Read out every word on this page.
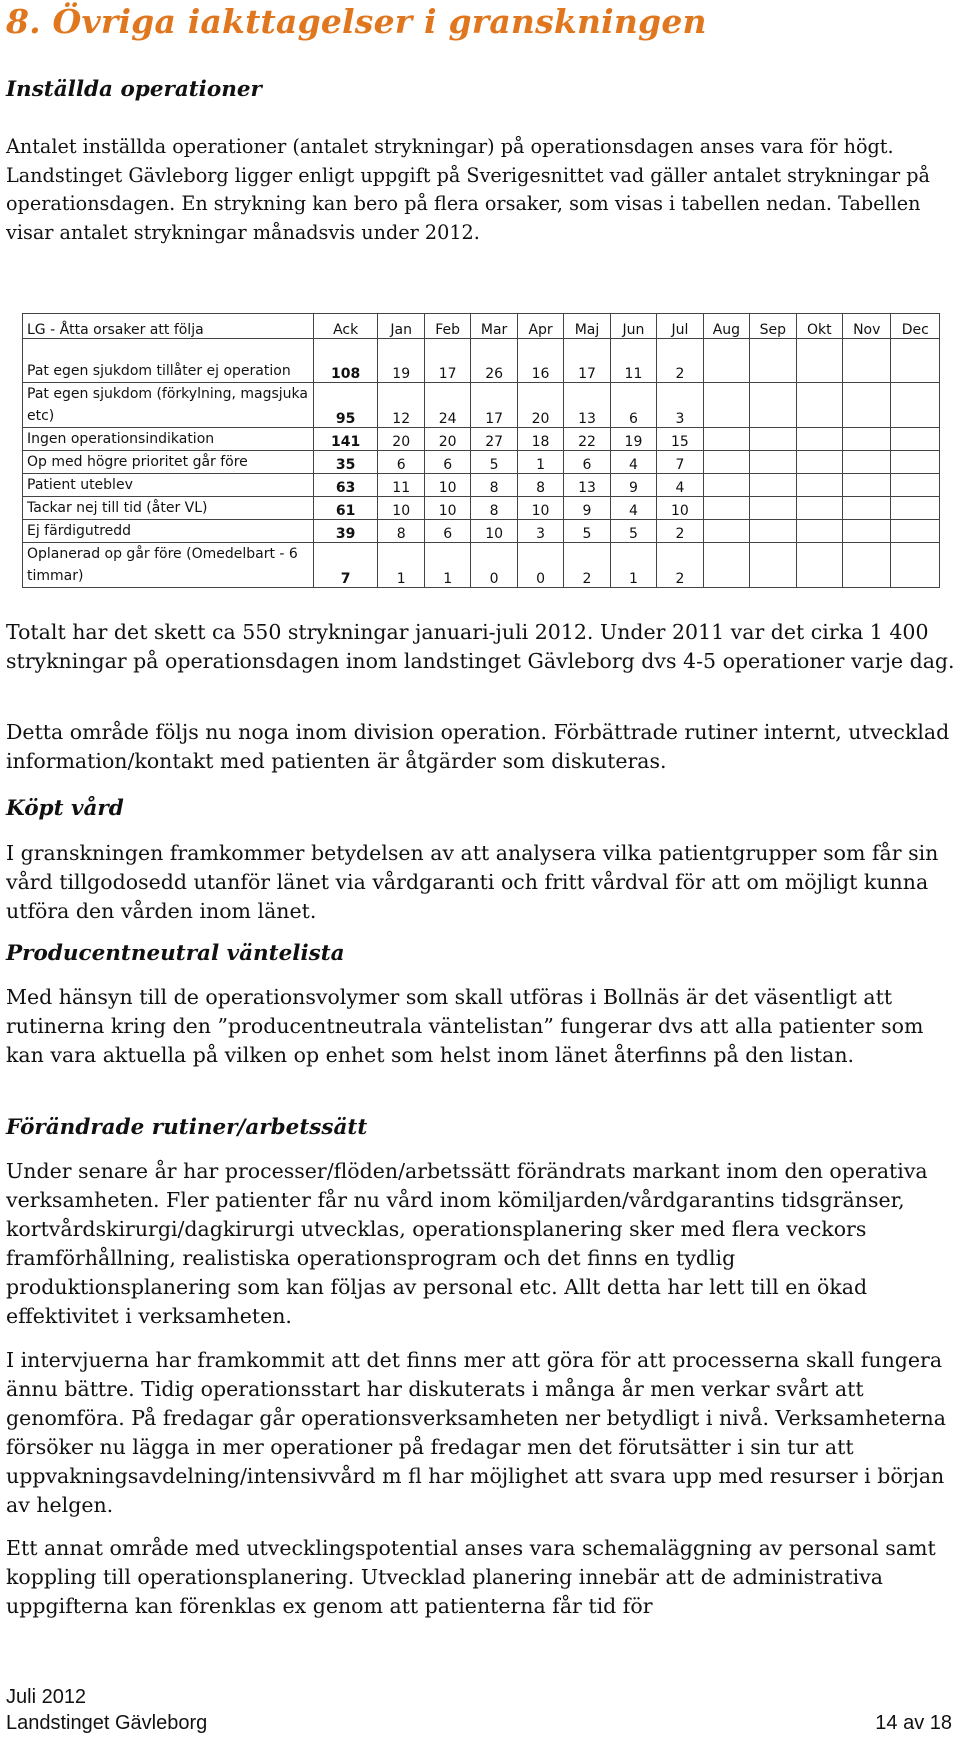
8. Övriga iakttagelser i granskningen
Inställda operationer

Antalet inställda operationer (antalet strykningar) på operationsdagen anses vara för högt. Landstinget Gävleborg ligger enligt uppgift på Sverigesnittet vad gäller antalet strykningar på operationsdagen. En strykning kan bero på flera orsaker, som visas i tabellen nedan. Tabellen visar antalet strykningar månadsvis under 2012.

LG - Åtta orsaker att följa	Ack	Jan	Feb	Mar	Apr	Maj	Jun	Jul	Aug	Sep	Okt	Nov	Dec
Pat egen sjukdom tillåter ej operation	108	19	17	26	16	17	11	2					
Pat egen sjukdom (förkylning, magsjuka etc)	95	12	24	17	20	13	6	3					
Ingen operationsindikation	141	20	20	27	18	22	19	15					
Op med högre prioritet går före	35	6	6	5	1	6	4	7					
Patient uteblev	63	11	10	8	8	13	9	4					
Tackar nej till tid (åter VL)	61	10	10	8	10	9	4	10					
Ej färdigutredd	39	8	6	10	3	5	5	2					
Oplanerad op går före (Omedelbart - 6 timmar)	7	1	1	0	0	2	1	2					

Totalt har det skett ca 550 strykningar januari-juli 2012. Under 2011 var det cirka 1 400 strykningar på operationsdagen inom landstinget Gävleborg dvs 4-5 operationer varje dag.

Detta område följs nu noga inom division operation. Förbättrade rutiner internt, utvecklad information/kontakt med patienten är åtgärder som diskuteras.

Köpt vård

I granskningen framkommer betydelsen av att analysera vilka patientgrupper som får sin vård tillgodosedd utanför länet via vårdgaranti och fritt vårdval för att om möjligt kunna utföra den vården inom länet.

Producentneutral väntelista

Med hänsyn till de operationsvolymer som skall utföras i Bollnäs är det väsentligt att rutinerna kring den ”producentneutrala väntelistan” fungerar dvs att alla patienter som kan vara aktuella på vilken op enhet som helst inom länet återfinns på den listan.

Förändrade rutiner/arbetssätt

Under senare år har processer/flöden/arbetssätt förändrats markant inom den operativa verksamheten. Fler patienter får nu vård inom kömiljarden/vårdgarantins tidsgränser, kortvårdskirurgi/dagkirurgi utvecklas, operationsplanering sker med flera veckors framförhållning, realistiska operationsprogram och det finns en tydlig produktionsplanering som kan följas av personal etc. Allt detta har lett till en ökad effektivitet i verksamheten.

I intervjuerna har framkommit att det finns mer att göra för att processerna skall fungera ännu bättre. Tidig operationsstart har diskuterats i många år men verkar svårt att genomföra. På fredagar går operationsverksamheten ner betydligt i nivå. Verksamheterna försöker nu lägga in mer operationer på fredagar men det förutsätter i sin tur att uppvakningsavdelning/intensivvård m fl har möjlighet att svara upp med resurser i början av helgen.

Ett annat område med utvecklingspotential anses vara schemaläggning av personal samt koppling till operationsplanering. Utvecklad planering innebär att de administrativa uppgifterna kan förenklas ex genom att patienterna får tid för

Juli 2012
Landstinget Gävleborg	14 av 18
